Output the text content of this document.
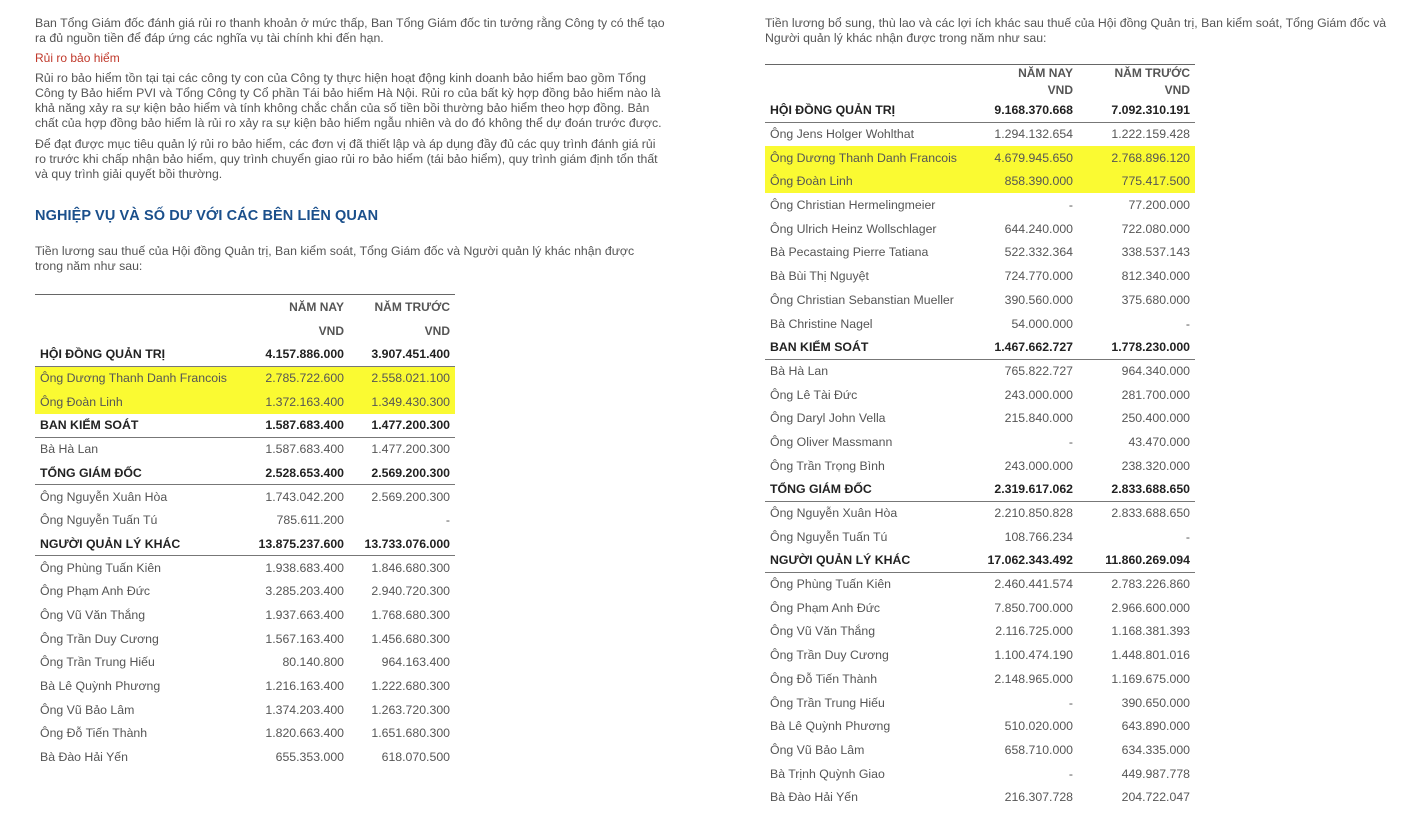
Ban Tổng Giám đốc đánh giá rủi ro thanh khoản ở mức thấp, Ban Tổng Giám đốc tin tưởng rằng Công ty có thể tạo ra đủ nguồn tiền để đáp ứng các nghĩa vụ tài chính khi đến hạn.

Rủi ro bảo hiểm

Rủi ro bảo hiểm tồn tại tại các công ty con của Công ty thực hiện hoạt động kinh doanh bảo hiểm bao gồm Tổng Công ty Bảo hiểm PVI và Tổng Công ty Cổ phần Tái bảo hiểm Hà Nội. Rủi ro của bất kỳ hợp đồng bảo hiểm nào là khả năng xảy ra sự kiện bảo hiểm và tính không chắc chắn của số tiền bồi thường bảo hiểm theo hợp đồng. Bản chất của hợp đồng bảo hiểm là rủi ro xảy ra sự kiện bảo hiểm ngẫu nhiên và do đó không thể dự đoán trước được.

Để đạt được mục tiêu quản lý rủi ro bảo hiểm, các đơn vị đã thiết lập và áp dụng đầy đủ các quy trình đánh giá rủi ro trước khi chấp nhận bảo hiểm, quy trình chuyển giao rủi ro bảo hiểm (tái bảo hiểm), quy trình giám định tổn thất và quy trình giải quyết bồi thường.

NGHIỆP VỤ VÀ SỐ DƯ VỚI CÁC BÊN LIÊN QUAN

Tiền lương sau thuế của Hội đồng Quản trị, Ban kiểm soát, Tổng Giám đốc và Người quản lý khác nhận được trong năm như sau:

	NĂM NAY	NĂM TRƯỚC
	VND	VND
HỘI ĐỒNG QUẢN TRỊ	4.157.886.000	3.907.451.400
Ông Dương Thanh Danh Francois	2.785.722.600	2.558.021.100
Ông Đoàn Linh	1.372.163.400	1.349.430.300
BAN KIỂM SOÁT	1.587.683.400	1.477.200.300
Bà Hà Lan	1.587.683.400	1.477.200.300
TỔNG GIÁM ĐỐC	2.528.653.400	2.569.200.300
Ông Nguyễn Xuân Hòa	1.743.042.200	2.569.200.300
Ông Nguyễn Tuấn Tú	785.611.200	-
NGƯỜI QUẢN LÝ KHÁC	13.875.237.600	13.733.076.000
Ông Phùng Tuấn Kiên	1.938.683.400	1.846.680.300
Ông Phạm Anh Đức	3.285.203.400	2.940.720.300
Ông Vũ Văn Thắng	1.937.663.400	1.768.680.300
Ông Trần Duy Cương	1.567.163.400	1.456.680.300
Ông Trần Trung Hiếu	80.140.800	964.163.400
Bà Lê Quỳnh Phương	1.216.163.400	1.222.680.300
Ông Vũ Bảo Lâm	1.374.203.400	1.263.720.300
Ông Đỗ Tiến Thành	1.820.663.400	1.651.680.300
Bà Đào Hải Yến	655.353.000	618.070.500

Tiền lương bổ sung, thù lao và các lợi ích khác sau thuế của Hội đồng Quản trị, Ban kiểm soát, Tổng Giám đốc và Người quản lý khác nhận được trong năm như sau:

	NĂM NAY	NĂM TRƯỚC
	VND	VND
HỘI ĐỒNG QUẢN TRỊ	9.168.370.668	7.092.310.191
Ông Jens Holger Wohlthat	1.294.132.654	1.222.159.428
Ông Dương Thanh Danh Francois	4.679.945.650	2.768.896.120
Ông Đoàn Linh	858.390.000	775.417.500
Ông Christian Hermelingmeier	-	77.200.000
Ông Ulrich Heinz Wollschlager	644.240.000	722.080.000
Bà Pecastaing Pierre Tatiana	522.332.364	338.537.143
Bà Bùi Thị Nguyệt	724.770.000	812.340.000
Ông Christian Sebanstian Mueller	390.560.000	375.680.000
Bà Christine Nagel	54.000.000	-
BAN KIỂM SOÁT	1.467.662.727	1.778.230.000
Bà Hà Lan	765.822.727	964.340.000
Ông Lê Tài Đức	243.000.000	281.700.000
Ông Daryl John Vella	215.840.000	250.400.000
Ông Oliver Massmann	-	43.470.000
Ông Trần Trọng Bình	243.000.000	238.320.000
TỔNG GIÁM ĐỐC	2.319.617.062	2.833.688.650
Ông Nguyễn Xuân Hòa	2.210.850.828	2.833.688.650
Ông Nguyễn Tuấn Tú	108.766.234	-
NGƯỜI QUẢN LÝ KHÁC	17.062.343.492	11.860.269.094
Ông Phùng Tuấn Kiên	2.460.441.574	2.783.226.860
Ông Phạm Anh Đức	7.850.700.000	2.966.600.000
Ông Vũ Văn Thắng	2.116.725.000	1.168.381.393
Ông Trần Duy Cương	1.100.474.190	1.448.801.016
Ông Đỗ Tiến Thành	2.148.965.000	1.169.675.000
Ông Trần Trung Hiếu	-	390.650.000
Bà Lê Quỳnh Phương	510.020.000	643.890.000
Ông Vũ Bảo Lâm	658.710.000	634.335.000
Bà Trịnh Quỳnh Giao	-	449.987.778
Bà Đào Hải Yến	216.307.728	204.722.047
